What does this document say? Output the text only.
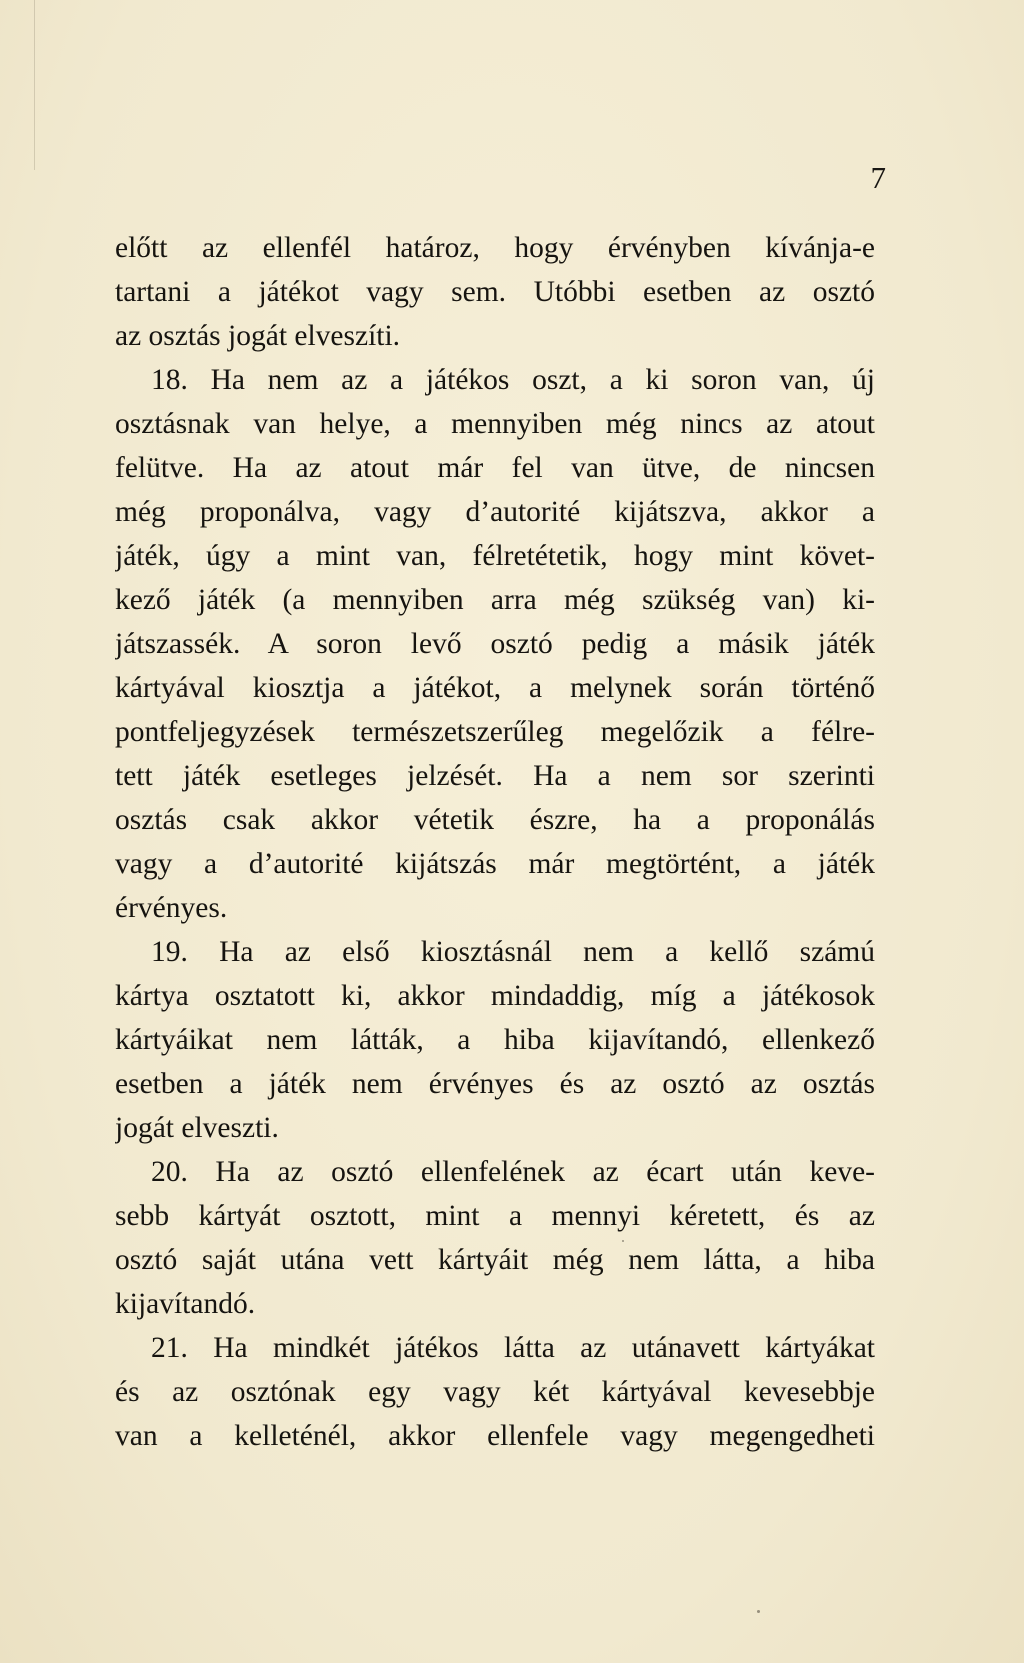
7
előtt az ellenfél határoz, hogy érvényben kívánja-e
tartani a játékot vagy sem. Utóbbi esetben az osztó
az osztás jogát elveszíti.
18. Ha nem az a játékos oszt, a ki soron van, új
osztásnak van helye, a mennyiben még nincs az atout
felütve. Ha az atout már fel van ütve, de nincsen
még proponálva, vagy d’autorité kijátszva, akkor a
játék, úgy a mint van, félretétetik, hogy mint követ-
kező játék (a mennyiben arra még szükség van) ki-
játszassék. A soron levő osztó pedig a másik játék
kártyával kiosztja a játékot, a melynek során történő
pontfeljegyzések természetszerűleg megelőzik a félre-
tett játék esetleges jelzését. Ha a nem sor szerinti
osztás csak akkor vétetik észre, ha a proponálás
vagy a d’autorité kijátszás már megtörtént, a játék
érvényes.
19. Ha az első kiosztásnál nem a kellő számú
kártya osztatott ki, akkor mindaddig, míg a játékosok
kártyáikat nem látták, a hiba kijavítandó, ellenkező
esetben a játék nem érvényes és az osztó az osztás
jogát elveszti.
20. Ha az osztó ellenfelének az écart után keve-
sebb kártyát osztott, mint a mennyi kéretett, és az
osztó saját utána vett kártyáit még nem látta, a hiba
kijavítandó.
21. Ha mindkét játékos látta az utánavett kártyákat
és az osztónak egy vagy két kártyával kevesebbje
van a kelleténél, akkor ellenfele vagy megengedheti
